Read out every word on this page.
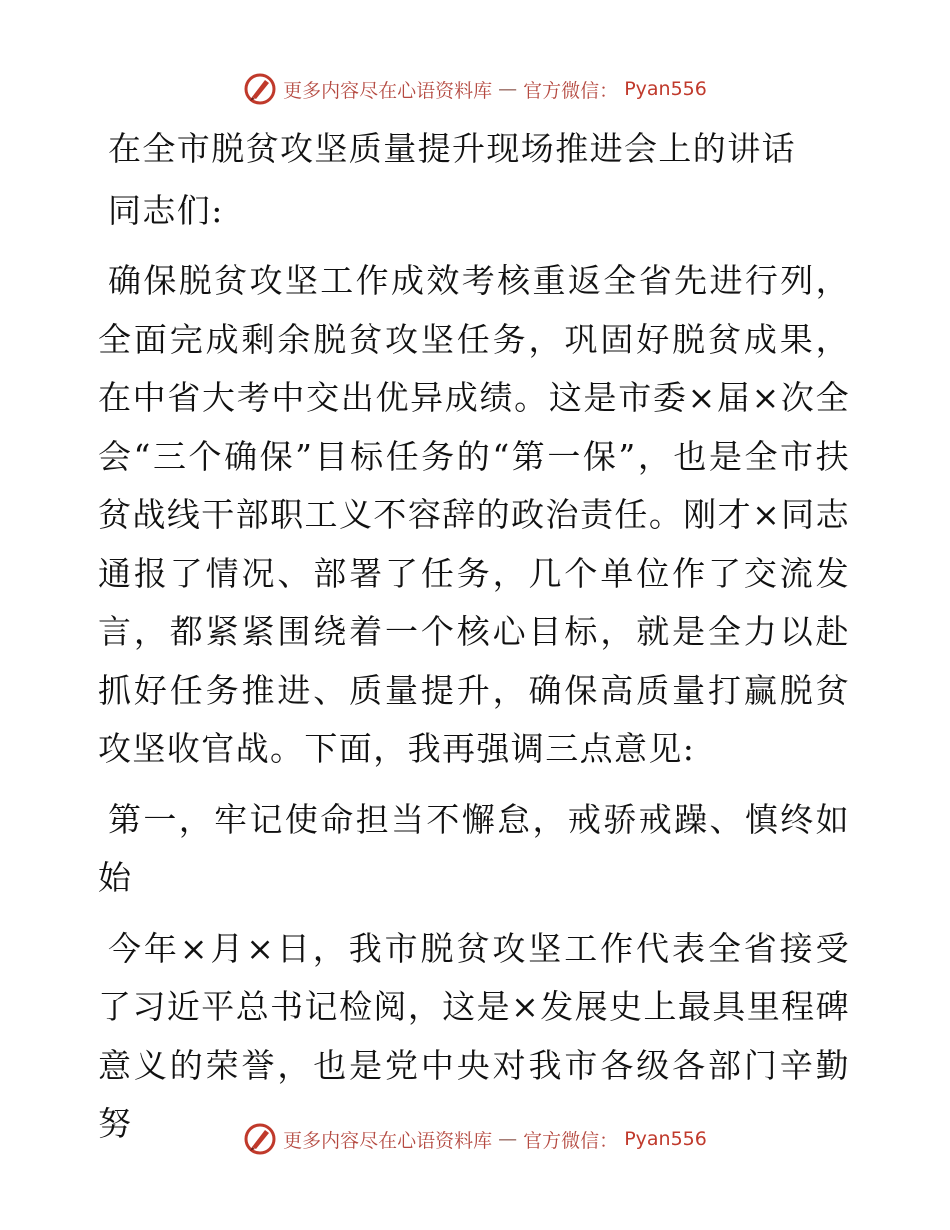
更多内容尽在心语资料库 — 官方微信： Pyan556

在全市脱贫攻坚质量提升现场推进会上的讲话

同志们:

确保脱贫攻坚工作成效考核重返全省先进行列，全面完成剩余脱贫攻坚任务，巩固好脱贫成果，在中省大考中交出优异成绩。这是市委×届×次全会“三个确保”目标任务的“第一保”，也是全市扶贫战线干部职工义不容辞的政治责任。刚才×同志通报了情况、部署了任务，几个单位作了交流发言，都紧紧围绕着一个核心目标，就是全力以赴抓好任务推进、质量提升，确保高质量打赢脱贫攻坚收官战。下面，我再强调三点意见:

第一，牢记使命担当不懈怠，戒骄戒躁、慎终如始

今年×月×日，我市脱贫攻坚工作代表全省接受了习近平总书记检阅，这是×发展史上最具里程碑意义的荣誉，也是党中央对我市各级各部门辛勤努	更多内容尽在心语资料库 — 官方微信： Pyan556
